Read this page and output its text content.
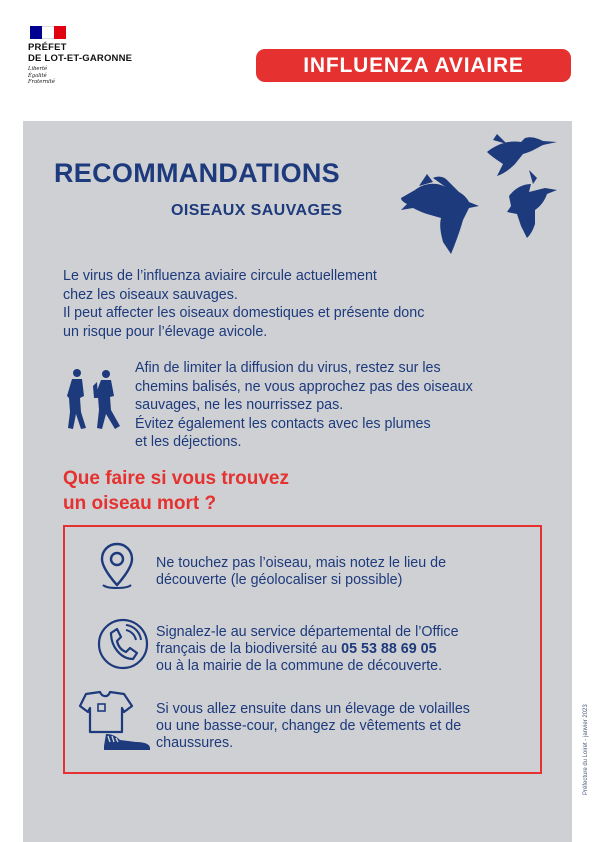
PRÉFET
DE LOT-ET-GARONNE
Liberté
Égalité
Fraternité
INFLUENZA AVIAIRE
RECOMMANDATIONS
OISEAUX SAUVAGES

Le virus de l’influenza aviaire circule actuellement

chez les oiseaux sauvages.

Il peut affecter les oiseaux domestiques et présente donc

un risque pour l’élevage avicole.

Afin de limiter la diffusion du virus, restez sur les

chemins balisés, ne vous approchez pas des oiseaux

sauvages, ne les nourrissez pas.

Évitez également les contacts avec les plumes

et les déjections.

Que faire si vous trouvez

un oiseau mort ?

Ne touchez pas l’oiseau, mais notez le lieu de

découverte (le géolocaliser si possible)

Signalez-le au service départemental de l’Office

français de la biodiversité au 05 53 88 69 05

ou à la mairie de la commune de découverte.

Si vous allez ensuite dans un élevage de volailles

ou une basse-cour, changez de vêtements et de

chaussures.	Préfecture du Loiret - janvier 2023
